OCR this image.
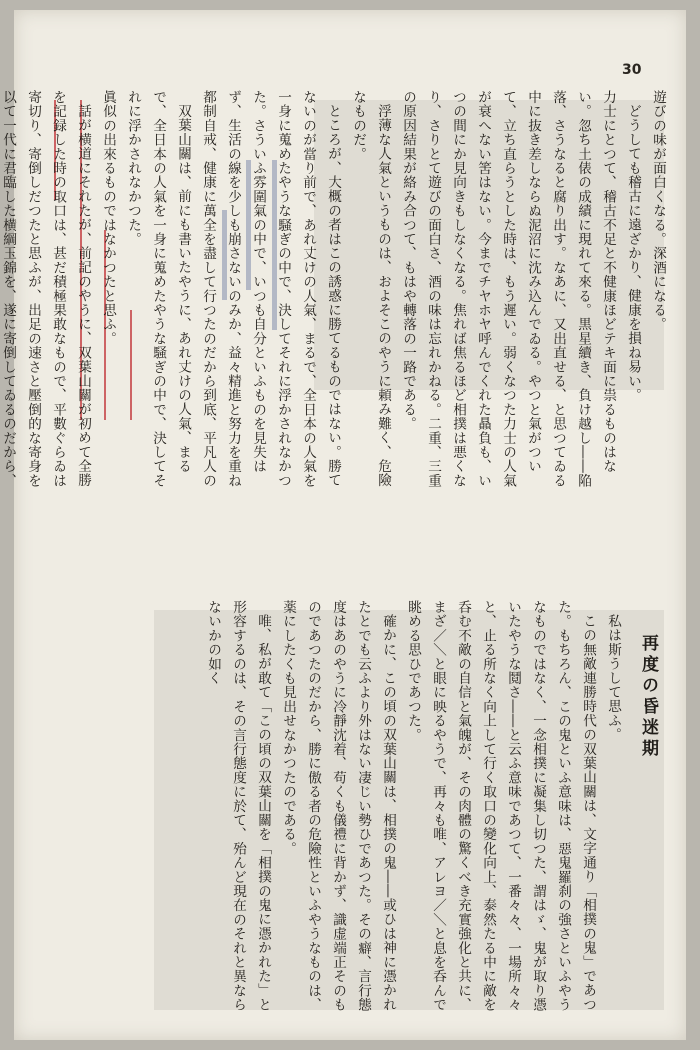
30

遊びの味が面白くなる。深酒になる。

どうしても稽古に遠ざかり、健康を損ね易い。

力士にとつて、稽古不足と不健康ほどテキ面に祟るものはない。忽ち土俵の成績に現れて來る。黒星續き、負け越し――陥落、さうなると腐り出す。なあに、又出直せる、と思つてゐる中に抜き差しならぬ泥沼に沈み込んでゐる。やつと氣がついて、立ち直らうとした時は、もう遲い。弱くなつた力士の人氣が衰へない筈はない。今までチヤホヤ呼んでくれた贔負も、いつの間にか見向きもしなくなる。焦れば焦るほど相撲は悪くなり、さりとて遊びの面白さ、酒の味は忘れかねる。二重、三重の原因結果が絡み合つて、もはや轉落の一路である。

浮薄な人氣というものは、およそこのやうに頼み難く、危險なものだ。

ところが、大概の者はこの誘惑に勝てるものではない。勝てないのが當り前で、あれ丈けの人氣、まるで、全日本の人氣を一身に蒐めたやうな騒ぎの中で、決してそれに浮かされなかつた。さういふ雰圍氣の中で、いつも自分といふものを見失はず、生活の線を少しも崩さないのみか、益々精進と努力を重ね都制自戒、健康に萬全を盡して行つたのだから到底、平凡人の

双葉山關は、前にも書いたやうに、あれ丈けの人氣、まるで、全日本の人氣を一身に蒐めたやうな騒ぎの中で、決してそれに浮かされなかつた。

眞似の出來るものではなかつたと思ふ。

話が横道にそれたが、前記のやうに、双葉山關が初めて全勝を記録した時の取口は、甚だ積極果敢なもので、平數ぐらゐは寄切り、寄倒しだつたと思ふが、出足の速さと壓倒的な寄身を以て一代に君臨した横綱玉錦を、遂に寄倒してゐるのだから、

再度の昏迷期

私は斯うして思ふ。

この無敵連勝時代の双葉山關は、文字通り「相撲の鬼」であつた。もちろん、この鬼といふ意味は、惡鬼羅刹の強さといふやうなものではなく、一念相撲に凝集し切つた、謂はゞ、鬼が取り憑いたやうな鬩さ――と云ふ意味であつて、一番々々、一場所々々と、止る所なく向上して行く取口の變化向上、泰然たる中に敵を呑む不敵の自信と氣魄が、その肉體の驚くべき充實強化と共に、まざ／＼と眼に映るやうで、再々も唯、アレヨ／＼と息を呑んで眺める思ひであつた。

確かに、この頃の双葉山關は、相撲の鬼――或ひは神に憑かれたとでも云ふより外はない凄じい勢ひであつた。その癖、言行態度はあのやうに冷靜沈着、苟くも儀禮に背かず、識虚端正そのものであつたのだから、勝に傲る者の危險性といふやうなものは、薬にしたくも見出せなかつたのである。

唯、私が敢て「この頃の双葉山關を「相撲の鬼に憑かれた」と形容するのは、その言行態度に於て、殆んど現在のそれと異ならないかの如く
